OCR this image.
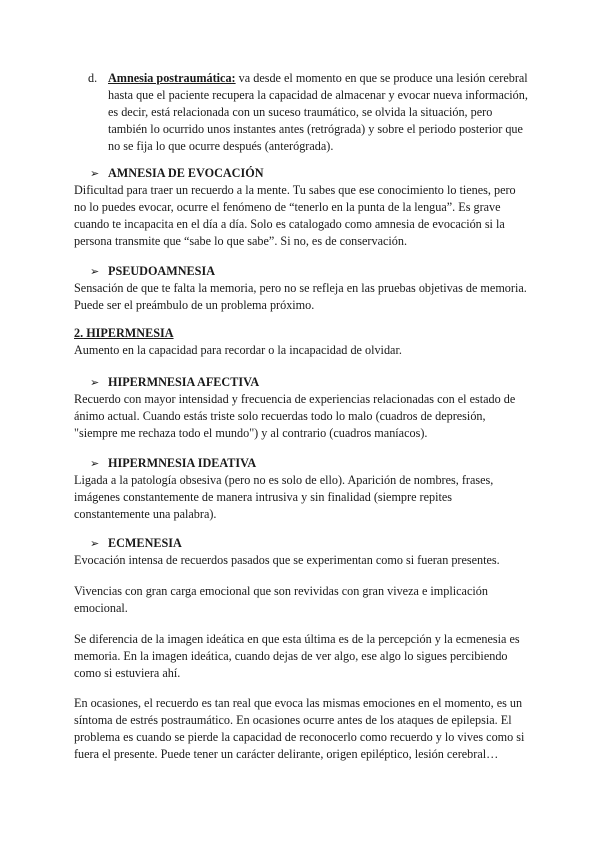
d. Amnesia postraumática: va desde el momento en que se produce una lesión cerebral hasta que el paciente recupera la capacidad de almacenar y evocar nueva información, es decir, está relacionada con un suceso traumático, se olvida la situación, pero también lo ocurrido unos instantes antes (retrógrada) y sobre el periodo posterior que no se fija lo que ocurre después (anterógrada).
➢ AMNESIA DE EVOCACIÓN

Dificultad para traer un recuerdo a la mente. Tu sabes que ese conocimiento lo tienes, pero no lo puedes evocar, ocurre el fenómeno de “tenerlo en la punta de la lengua”. Es grave cuando te incapacita en el día a día. Solo es catalogado como amnesia de evocación si la persona transmite que “sabe lo que sabe”. Si no, es de conservación.

➢ PSEUDOAMNESIA

Sensación de que te falta la memoria, pero no se refleja en las pruebas objetivas de memoria. Puede ser el preámbulo de un problema próximo.

2. HIPERMNESIA

Aumento en la capacidad para recordar o la incapacidad de olvidar.

➢ HIPERMNESIA AFECTIVA

Recuerdo con mayor intensidad y frecuencia de experiencias relacionadas con el estado de ánimo actual. Cuando estás triste solo recuerdas todo lo malo (cuadros de depresión, "siempre me rechaza todo el mundo") y al contrario (cuadros maníacos).

➢ HIPERMNESIA IDEATIVA

Ligada a la patología obsesiva (pero no es solo de ello). Aparición de nombres, frases, imágenes constantemente de manera intrusiva y sin finalidad (siempre repites constantemente una palabra).

➢ ECMENESIA

Evocación intensa de recuerdos pasados que se experimentan como si fueran presentes.

Vivencias con gran carga emocional que son revividas con gran viveza e implicación emocional.

Se diferencia de la imagen ideática en que esta última es de la percepción y la ecmenesia es memoria. En la imagen ideática, cuando dejas de ver algo, ese algo lo sigues percibiendo como si estuviera ahí.

En ocasiones, el recuerdo es tan real que evoca las mismas emociones en el momento, es un síntoma de estrés postraumático. En ocasiones ocurre antes de los ataques de epilepsia. El problema es cuando se pierde la capacidad de reconocerlo como recuerdo y lo vives como si fuera el presente. Puede tener un carácter delirante, origen epiléptico, lesión cerebral…
